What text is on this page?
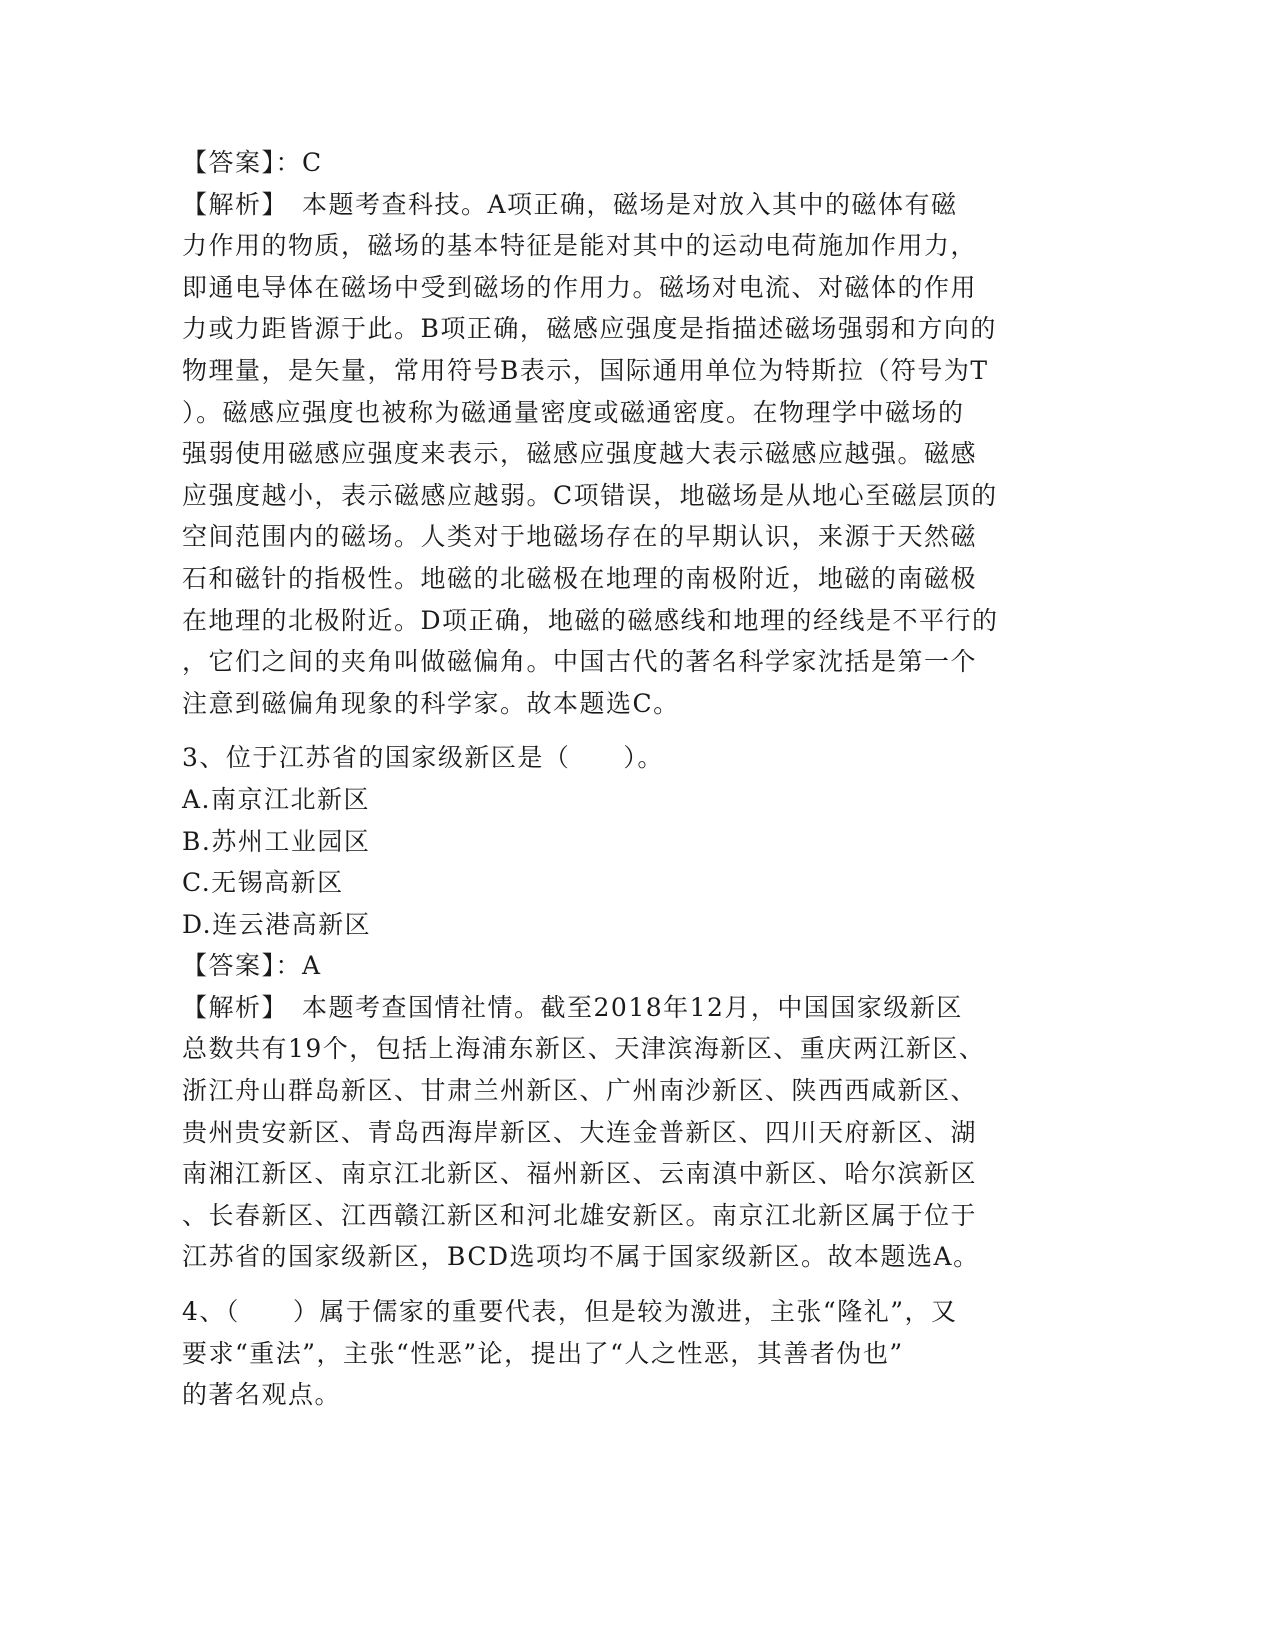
【答案】：C
【解析】　本题考查科技。A项正确，磁场是对放入其中的磁体有磁
力作用的物质，磁场的基本特征是能对其中的运动电荷施加作用力，
即通电导体在磁场中受到磁场的作用力。磁场对电流、对磁体的作用
力或力距皆源于此。B项正确，磁感应强度是指描述磁场强弱和方向的
物理量，是矢量，常用符号B表示，国际通用单位为特斯拉（符号为T
）。磁感应强度也被称为磁通量密度或磁通密度。在物理学中磁场的
强弱使用磁感应强度来表示，磁感应强度越大表示磁感应越强。磁感
应强度越小，表示磁感应越弱。C项错误，地磁场是从地心至磁层顶的
空间范围内的磁场。人类对于地磁场存在的早期认识，来源于天然磁
石和磁针的指极性。地磁的北磁极在地理的南极附近，地磁的南磁极
在地理的北极附近。D项正确，地磁的磁感线和地理的经线是不平行的
，它们之间的夹角叫做磁偏角。中国古代的著名科学家沈括是第一个
注意到磁偏角现象的科学家。故本题选C。
3、位于江苏省的国家级新区是（　　）。
A.南京江北新区
B.苏州工业园区
C.无锡高新区
D.连云港高新区
【答案】：A
【解析】　本题考查国情社情。截至2018年12月，中国国家级新区
总数共有19个，包括上海浦东新区、天津滨海新区、重庆两江新区、
浙江舟山群岛新区、甘肃兰州新区、广州南沙新区、陕西西咸新区、
贵州贵安新区、青岛西海岸新区、大连金普新区、四川天府新区、湖
南湘江新区、南京江北新区、福州新区、云南滇中新区、哈尔滨新区
、长春新区、江西赣江新区和河北雄安新区。南京江北新区属于位于
江苏省的国家级新区，BCD选项均不属于国家级新区。故本题选A。
4、（　　）属于儒家的重要代表，但是较为激进，主张“隆礼”，又
要求“重法”，主张“性恶”论，提出了“人之性恶，其善者伪也”
的著名观点。
